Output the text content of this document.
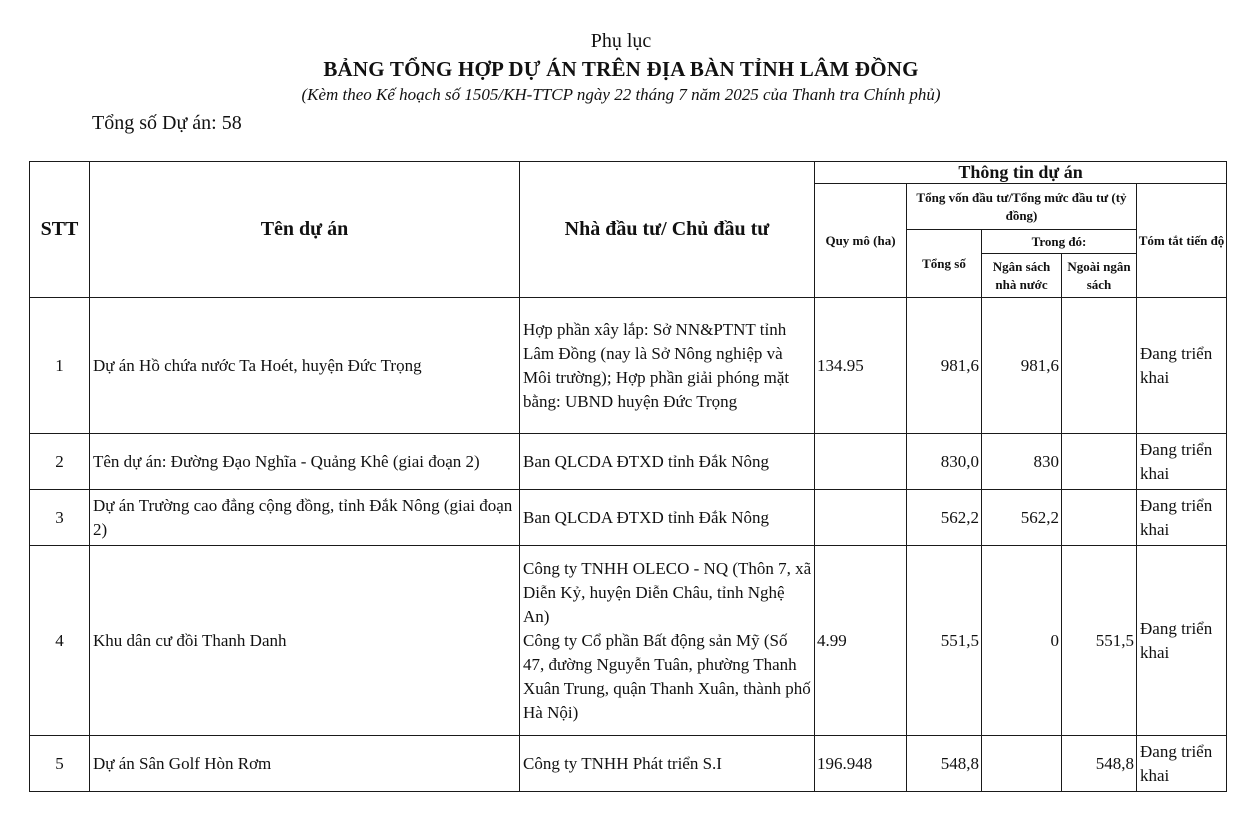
Phụ lục
BẢNG TỔNG HỢP DỰ ÁN TRÊN ĐỊA BÀN TỈNH LÂM ĐỒNG
(Kèm theo Kế hoạch số 1505/KH-TTCP ngày 22 tháng 7 năm 2025 của Thanh tra Chính phủ)
Tổng số Dự án: 58
STT	Tên dự án	Nhà đầu tư/ Chủ đầu tư	Thông tin dự án				
			Quy mô (ha)	Tổng vốn đầu tư/Tổng mức đầu tư (tỷ đồng)			Tóm tắt tiến độ
				Tổng số	Trong đó:		
					Ngân sách nhà nước	Ngoài ngân sách	
1	Dự án Hồ chứa nước Ta Hoét, huyện Đức Trọng	Hợp phần xây lắp: Sở NN&PTNT tỉnh Lâm Đồng (nay là Sở Nông nghiệp và Môi trường); Hợp phần giải phóng mặt bằng: UBND huyện Đức Trọng	134.95	981,6	981,6		Đang triển khai
2	Tên dự án: Đường Đạo Nghĩa - Quảng Khê (giai đoạn 2)	Ban QLCDA ĐTXD tỉnh Đắk Nông		830,0	830		Đang triển khai
3	Dự án Trường cao đẳng cộng đồng, tỉnh Đắk Nông (giai đoạn 2)	Ban QLCDA ĐTXD tỉnh Đắk Nông		562,2	562,2		Đang triển khai
4	Khu dân cư đồi Thanh Danh	Công ty TNHH OLECO - NQ (Thôn 7, xã Diễn Kỷ, huyện Diễn Châu, tỉnh Nghệ An)
Công ty Cổ phần Bất động sản Mỹ (Số 47, đường Nguyễn Tuân, phường Thanh Xuân Trung, quận Thanh Xuân, thành phố Hà Nội)	4.99	551,5	0	551,5	Đang triển khai
5	Dự án Sân Golf Hòn Rơm	Công ty TNHH Phát triển S.I	196.948	548,8		548,8	Đang triển khai
